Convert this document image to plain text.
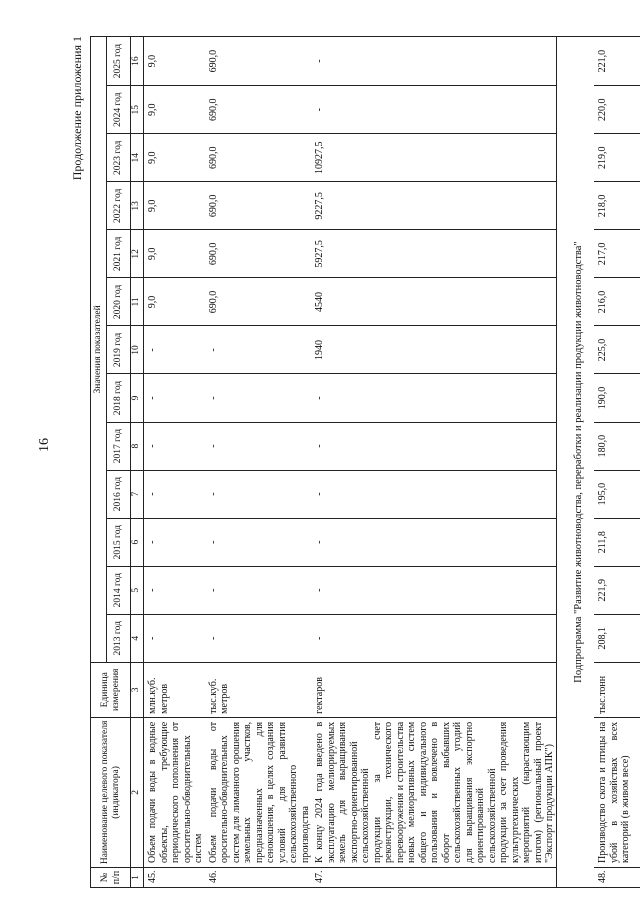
16
Продолжение приложения 1
№ п/п	Наименование целевого показателя (индикатора)	Единица измерения	Значения показателей												
			2013 год	2014 год	2015 год	2016 год	2017 год	2018 год	2019 год	2020 год	2021 год	2022 год	2023 год	2024 год	2025 год
1	2	3	4	5	6	7	8	9	10	11	12	13	14	15	16
45.	Объем подачи воды в водные объекты, требующие периодического пополнения от оросительно-обводнительных систем	млн.куб. метров	-	-	-	-	-	-	-	9,0	9,0	9,0	9,0	9,0	9,0
46.	Объем подачи воды от оросительно-обводнительных систем для лиманного орошения земельных участков, предназначенных для сенокошения, в целях создания условий для развития сельскохозяйственного производства	тыс.куб. метров	-	-	-	-	-	-	-	690,0	690,0	690,0	690,0	690,0	690,0
47.	К концу 2024 года введено в эксплуатацию мелиорируемых земель для выращивания экспортно-ориентированной сельскохозяйственной продукции за счет реконструкции, технического перевооружения и строительства новых мелиоративных систем общего и индивидуального пользования и вовлечено в оборот выбывших сельскохозяйственных угодий для выращивания экспортно ориентированной сельскохозяйственной продукции за счет проведения культуртехнических мероприятий (нарастающим итогом) (региональный проект "Экспорт продукции АПК")	гектаров	-	-	-	-	-	-	1940	4540	5927,5	9227,5	10927,5	-	-
Подпрограмма "Развитие животноводства, переработки и реализации продукции животноводства"															
48.	Производство скота и птицы на убой в хозяйствах всех категорий (в живом весе)	тыс.тонн	208,1	221,9	211,8	195,0	180,0	190,0	225,0	216,0	217,0	218,0	219,0	220,0	221,0
